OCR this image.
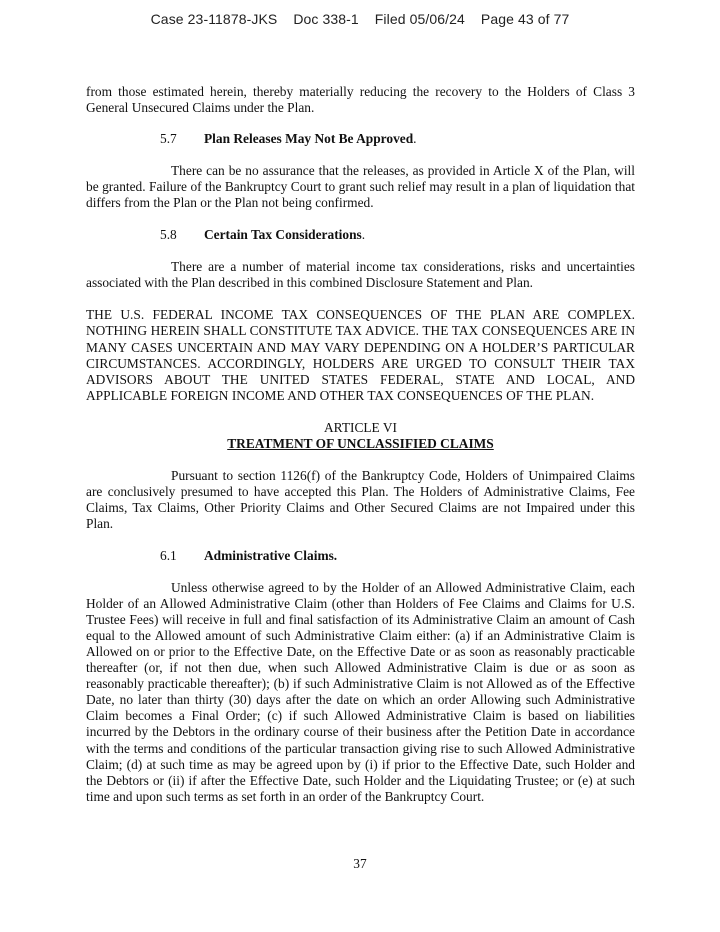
Case 23-11878-JKS Doc 338-1 Filed 05/06/24 Page 43 of 77

from those estimated herein, thereby materially reducing the recovery to the Holders of Class 3 General Unsecured Claims under the Plan.

5.7 Plan Releases May Not Be Approved.

There can be no assurance that the releases, as provided in Article X of the Plan, will be granted. Failure of the Bankruptcy Court to grant such relief may result in a plan of liquidation that differs from the Plan or the Plan not being confirmed.

5.8 Certain Tax Considerations.

There are a number of material income tax considerations, risks and uncertainties associated with the Plan described in this combined Disclosure Statement and Plan.

THE U.S. FEDERAL INCOME TAX CONSEQUENCES OF THE PLAN ARE COMPLEX. NOTHING HEREIN SHALL CONSTITUTE TAX ADVICE. THE TAX CONSEQUENCES ARE IN MANY CASES UNCERTAIN AND MAY VARY DEPENDING ON A HOLDER’S PARTICULAR CIRCUMSTANCES. ACCORDINGLY, HOLDERS ARE URGED TO CONSULT THEIR TAX ADVISORS ABOUT THE UNITED STATES FEDERAL, STATE AND LOCAL, AND APPLICABLE FOREIGN INCOME AND OTHER TAX CONSEQUENCES OF THE PLAN.

ARTICLE VI

TREATMENT OF UNCLASSIFIED CLAIMS

Pursuant to section 1126(f) of the Bankruptcy Code, Holders of Unimpaired Claims are conclusively presumed to have accepted this Plan. The Holders of Administrative Claims, Fee Claims, Tax Claims, Other Priority Claims and Other Secured Claims are not Impaired under this Plan.

6.1 Administrative Claims.

Unless otherwise agreed to by the Holder of an Allowed Administrative Claim, each Holder of an Allowed Administrative Claim (other than Holders of Fee Claims and Claims for U.S. Trustee Fees) will receive in full and final satisfaction of its Administrative Claim an amount of Cash equal to the Allowed amount of such Administrative Claim either: (a) if an Administrative Claim is Allowed on or prior to the Effective Date, on the Effective Date or as soon as reasonably practicable thereafter (or, if not then due, when such Allowed Administrative Claim is due or as soon as reasonably practicable thereafter); (b) if such Administrative Claim is not Allowed as of the Effective Date, no later than thirty (30) days after the date on which an order Allowing such Administrative Claim becomes a Final Order; (c) if such Allowed Administrative Claim is based on liabilities incurred by the Debtors in the ordinary course of their business after the Petition Date in accordance with the terms and conditions of the particular transaction giving rise to such Allowed Administrative Claim; (d) at such time as may be agreed upon by (i) if prior to the Effective Date, such Holder and the Debtors or (ii) if after the Effective Date, such Holder and the Liquidating Trustee; or (e) at such time and upon such terms as set forth in an order of the Bankruptcy Court.

37
